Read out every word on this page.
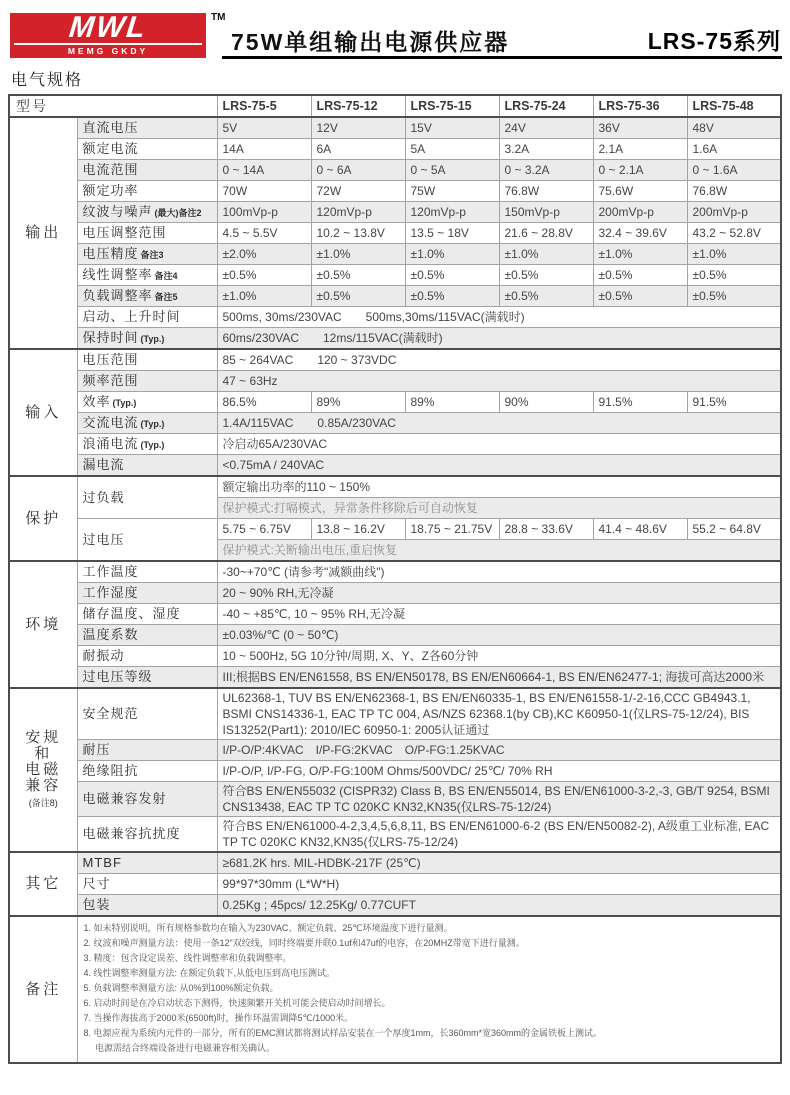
MWL
MEMG GKDY
TM
75W单组输出电源供应器	LRS-75系列
电气规格
型号		LRS-75-5	LRS-75-12	LRS-75-15	LRS-75-24	LRS-75-36	LRS-75-48

输出	直流电压	5V	12V	15V	24V	36V	48V
	额定电流	14A	6A	5A	3.2A	2.1A	1.6A
	电流范围	0 ~ 14A	0 ~ 6A	0 ~ 5A	0 ~ 3.2A	0 ~ 2.1A	0 ~ 1.6A
	额定功率	70W	72W	75W	76.8W	75.6W	76.8W
	纹波与噪声 (最大)备注2	100mVp-p	120mVp-p	120mVp-p	150mVp-p	200mVp-p	200mVp-p
	电压调整范围	4.5 ~ 5.5V	10.2 ~ 13.8V	13.5 ~ 18V	21.6 ~ 28.8V	32.4 ~ 39.6V	43.2 ~ 52.8V
	电压精度 备注3	±2.0%	±1.0%	±1.0%	±1.0%	±1.0%	±1.0%
	线性调整率 备注4	±0.5%	±0.5%	±0.5%	±0.5%	±0.5%	±0.5%
	负载调整率 备注5	±1.0%	±0.5%	±0.5%	±0.5%	±0.5%	±0.5%
	启动、上升时间	500ms, 30ms/230VAC　　500ms,30ms/115VAC(满载时)					
	保持时间 (Typ.)	60ms/230VAC　　12ms/115VAC(满载时)					

输入	电压范围	85 ~ 264VAC　　120 ~ 373VDC					
	频率范围	47 ~ 63Hz					
	效率 (Typ.)	86.5%	89%	89%	90%	91.5%	91.5%
	交流电流 (Typ.)	1.4A/115VAC　　0.85A/230VAC					
	浪涌电流 (Typ.)	冷启动65A/230VAC					
	漏电流	<0.75mA / 240VAC					

保护	过负载	额定输出功率的110 ~ 150%					
		保护模式:打嗝模式，异常条件移除后可自动恢复					
	过电压	5.75 ~ 6.75V	13.8 ~ 16.2V	18.75 ~ 21.75V	28.8 ~ 33.6V	41.4 ~ 48.6V	55.2 ~ 64.8V
		保护模式:关断输出电压,重启恢复					

环境	工作温度	-30~+70℃ (请参考"减额曲线")					
	工作湿度	20 ~ 90% RH,无冷凝					
	储存温度、湿度	-40 ~ +85℃, 10 ~ 95% RH,无冷凝					
	温度系数	±0.03%/℃ (0 ~ 50℃)					
	耐振动	10 ~ 500Hz, 5G 10分钟/周期, X、Y、Z各60分钟					
	过电压等级	III;根据BS EN/EN61558, BS EN/EN50178, BS EN/EN60664-1, BS EN/EN62477-1; 海拔可高达2000米					

安规
和
电磁
兼容
(备注8)
	安全规范	UL62368-1, TUV BS EN/EN62368-1, BS EN/EN60335-1, BS EN/EN61558-1/-2-16,CCC GB4943.1, BSMI CNS14336-1, EAC TP TC 004, AS/NZS 62368.1(by CB),KC K60950-1(仅LRS-75-12/24), BIS IS13252(Part1): 2010/IEC 60950-1: 2005认证通过
	耐压	I/P-O/P:4KVAC　I/P-FG:2KVAC　O/P-FG:1.25KVAC					
	绝缘阻抗	I/P-O/P, I/P-FG, O/P-FG:100M Ohms/500VDC/ 25℃/ 70% RH					
	电磁兼容发射	符合BS EN/EN55032 (CISPR32) Class B, BS EN/EN55014, BS EN/EN61000-3-2,-3, GB/T 9254, BSMI CNS13438, EAC TP TC 020KC KN32,KN35(仅LRS-75-12/24)					
	电磁兼容抗扰度	符合BS EN/EN61000-4-2,3,4,5,6,8,11, BS EN/EN61000-6-2 (BS EN/EN50082-2), A级重工业标准, EAC TP TC 020KC KN32,KN35(仅LRS-75-12/24)					

其它	MTBF	≥681.2K hrs. MIL-HDBK-217F (25℃)					
	尺寸	99*97*30mm (L*W*H)					
	包装	0.25Kg ; 45pcs/ 12.25Kg/ 0.77CUFT					

备注

1. 如未特别说明，所有规格参数均在输入为230VAC、额定负载、25℃环境温度下进行量测。
2. 纹波和噪声测量方法：使用一条12"双绞线，同时终端要并联0.1uf和47uf的电容，在20MHZ带宽下进行量测。
3. 精度：包含设定误差、线性调整率和负载调整率。
4. 线性调整率测量方法: 在额定负载下,从低电压到高电压测试。
5. 负载调整率测量方法: 从0%到100%额定负载。
6. 启动时间是在冷启动状态下测得，快速频繁开关机可能会使启动时间增长。
7. 当操作海拔高于2000米(6500ft)时，操作环温需调降5℃/1000米。
8. 电源应视为系统内元件的一部分，所有的EMC测试都将测试样品安装在一个厚度1mm，长360mm*宽360mm的金属铁板上测试。
　 电源需结合终端设备进行电磁兼容相关确认。
